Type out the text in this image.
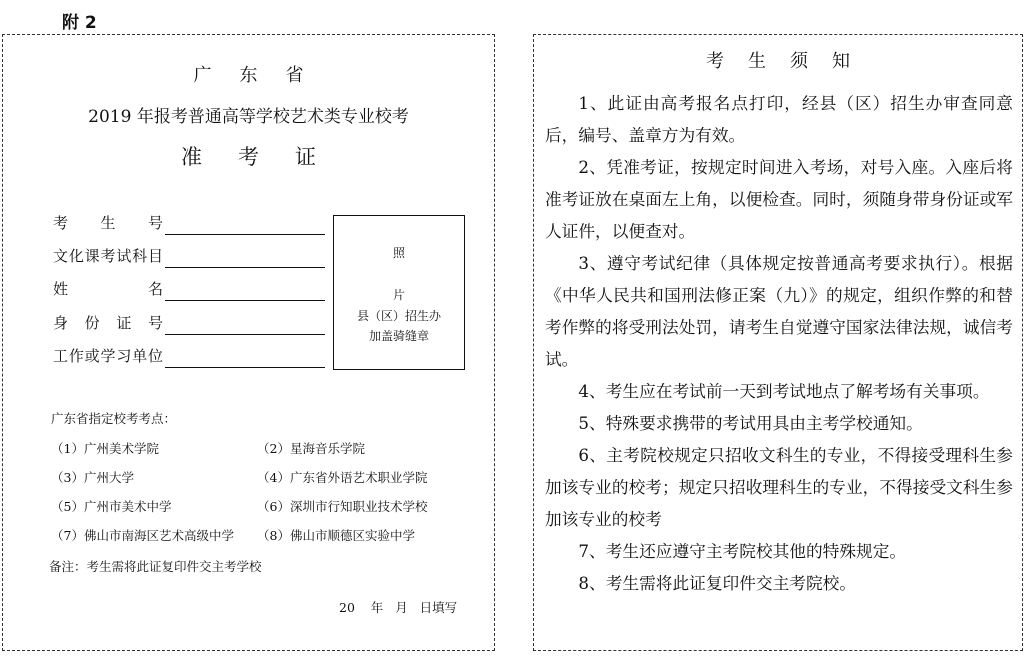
附 2
广东省
2019 年报考普通高等学校艺术类专业校考
准考证
考 生 号
文 化 课 考 试 科 目
姓	名
身 份 证 号
工 作 或 学 习 单 位
照
片
县（区）招生办
加盖骑缝章
广东省指定校考考点：
（1）广州美术学院	（2）星海音乐学院
（3）广州大学	（4）广东省外语艺术职业学院
（5）广州市美术中学	（6）深圳市行知职业技术学校
（7）佛山市南海区艺术高级中学 （8）佛山市顺德区实验中学
备注：考生需将此证复印件交主考学校
20    年   月   日填写
考生须知

1、此证由高考报名点打印，经县（区）招生办审查同意后，编号、盖章方为有效。

2、凭准考证，按规定时间进入考场，对号入座。入座后将准考证放在桌面左上角，以便检查。同时，须随身带身份证或军人证件，以便查对。

3、遵守考试纪律（具体规定按普通高考要求执行）。根据《中华人民共和国刑法修正案（九）》的规定，组织作弊的和替考作弊的将受刑法处罚，请考生自觉遵守国家法律法规，诚信考试。

4、考生应在考试前一天到考试地点了解考场有关事项。

5、特殊要求携带的考试用具由主考学校通知。

6、主考院校规定只招收文科生的专业，不得接受理科生参加该专业的校考；规定只招收理科生的专业，不得接受文科生参加该专业的校考

7、考生还应遵守主考院校其他的特殊规定。

8、考生需将此证复印件交主考院校。
